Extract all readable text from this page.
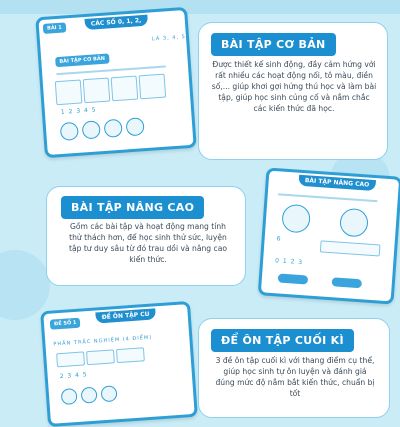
BÀI 1
CÁC SỐ 0, 1, 2,
LÀ 3, 4, 5
BÀI TẬP CƠ BẢN
1 2 3 4 5
BÀI TẬP CƠ BẢN
Được thiết kế sinh động, đầy cảm hứng với rất nhiều các hoạt động nối, tô màu, điền số,... giúp khơi gợi hứng thú học và làm bài tập, giúp học sinh củng cố và nắm chắc các kiến thức đã học.
BÀI TẬP NÂNG CAO
Gồm các bài tập và hoạt động mang tính thử thách hơn, để học sinh thử sức, luyện tập tư duy sâu từ đó trau dồi và nâng cao kiến thức.
BÀI TẬP NÂNG CAO
6
0 1 2 3
ĐỀ SỐ 1
ĐỀ ÔN TẬP CU
PHẦN TRẮC NGHIỆM (4 ĐIỂM)
2 3 4 5
ĐỂ ÔN TẬP CUỐI KÌ
3 đề ôn tập cuối kì với thang điểm cụ thể, giúp học sinh tự ôn luyện và đánh giá đúng mức độ nắm bắt kiến thức, chuẩn bị tốt
